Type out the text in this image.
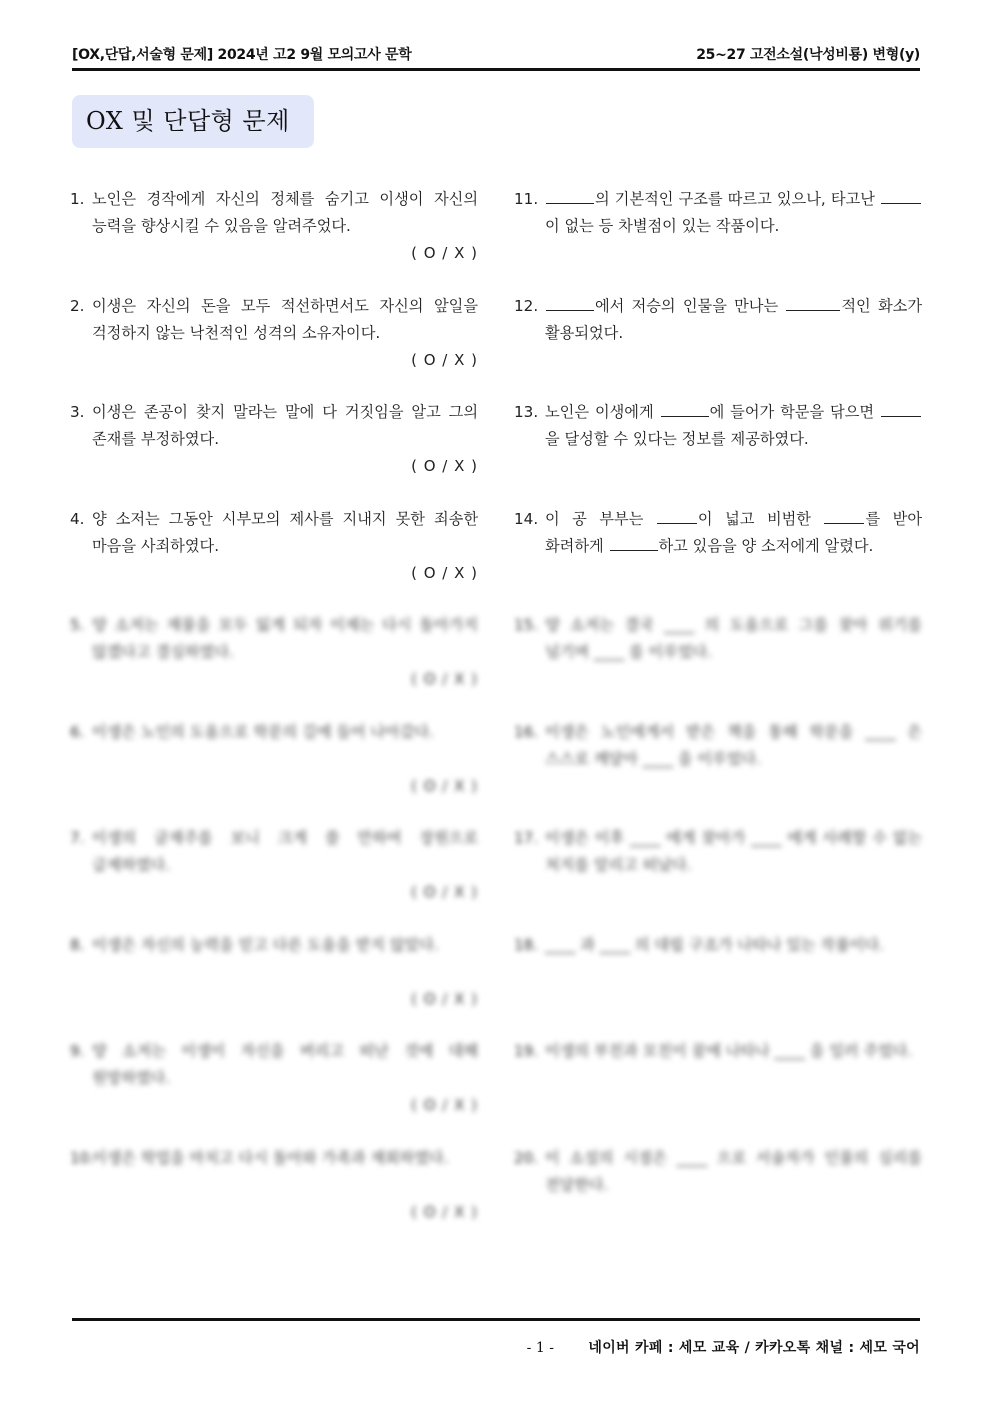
[OX,단답,서술형 문제] 2024년 고2 9월 모의고사 문학	25~27 고전소설(낙성비룡) 변형(y)
OX 및 단답형 문제
1. 노인은 경작에게 자신의 정체를 숨기고 이생이 자신의 능력을 향상시킬 수 있음을 알려주었다.
( O / X )
2. 이생은 자신의 돈을 모두 적선하면서도 자신의 앞일을 걱정하지 않는 낙천적인 성격의 소유자이다.
( O / X )
3. 이생은 존공이 찾지 말라는 말에 다 거짓임을 알고 그의 존재를 부정하였다.
( O / X )
4. 양 소저는 그동안 시부모의 제사를 지내지 못한 죄송한 마음을 사죄하였다.
( O / X )
5. 양 소저는 재물을 모두 잃게 되자 이제는 다시 돌아가지 않겠다고 결심하였다.
( O / X )
6. 이생은 노인의 도움으로 학문의 길에 들어 나아갔다.
( O / X )
7. 이생의 글재주를 보니 크게 쓸 만하여 장원으로 급제하였다.
( O / X )
8. 이생은 자신의 능력을 믿고 다른 도움을 받지 않았다.
( O / X )
9. 양 소저는 이생이 자신을 버리고 떠난 것에 대해 원망하였다.
( O / X )
10.
이생은 학업을 마치고 다시 돌아와 가족과 재회하였다.
( O / X )
11.	의 기본적인 구조를 따르고 있으나, 타고난 이 없는 등 차별점이 있는 작품이다.
12.	에서 저승의 인물을 만나는	적인 화소가 활용되었다.
13. 노인은 이생에게	에 들어가 학문을 닦으면 을 달성할 수 있다는 정보를 제공하였다.
14. 이 공 부부는	이 넓고 비범한	를 받아 화려하게	하고 있음을 양 소저에게 알렸다.
15. 양 소저는 결국 ____ 의 도움으로 그를 찾아 위기를 넘기며 ____ 를 이루었다.
16. 이생은 노인에게서 받은 책을 통해 학문을 ____ 은 스스로 깨달아 ____ 을 이루었다.
17. 이생은 이후 ____ 에게 찾아가 ____ 에게 사례할 수 없는 처지를 알리고 떠났다.
18. ____ 과 ____ 의 대립 구조가 나타나 있는 작품이다.
19. 이생의 부친과 모친이 꿈에 나타나 ____ 을 일러 주었다.
20. 이 소설의 시점은 ____ 으로 서술자가 인물의 심리를 전달한다.
- 1 - 네이버 카페 : 세모 교육 / 카카오톡 채널 : 세모 국어
